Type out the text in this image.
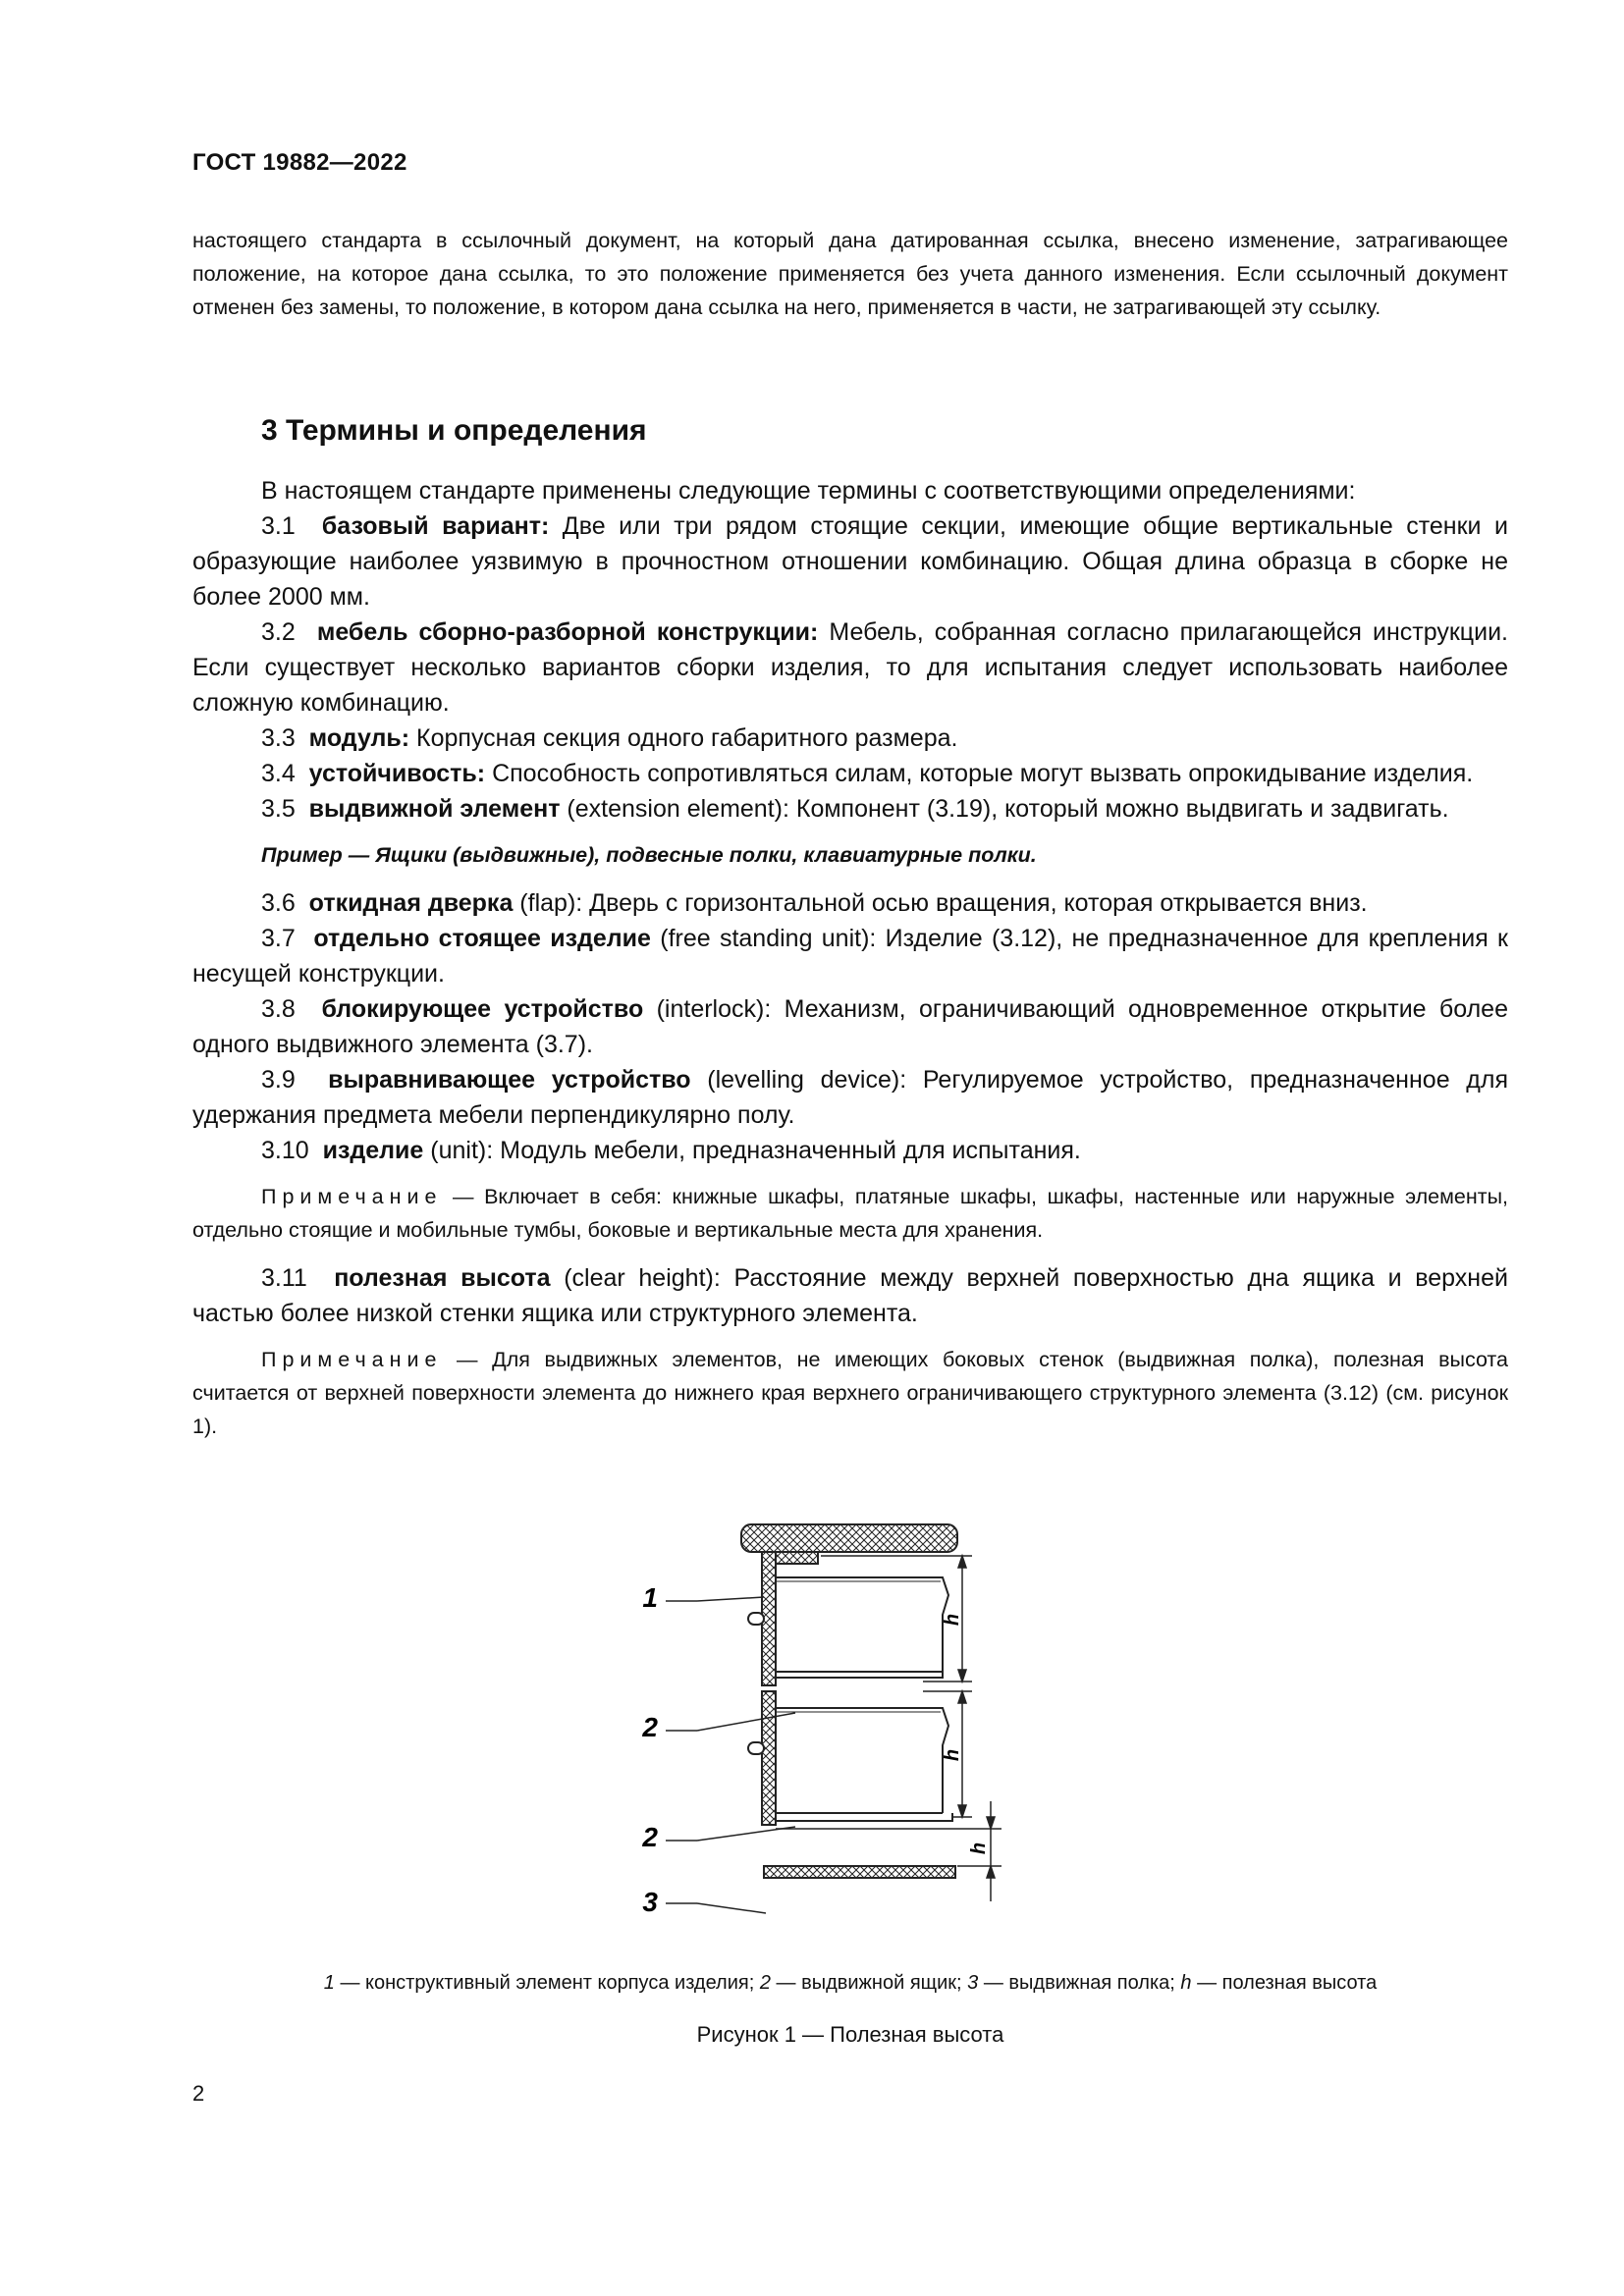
ГОСТ 19882—2022

настоящего стандарта в ссылочный документ, на который дана датированная ссылка, внесено изменение, затрагивающее положение, на которое дана ссылка, то это положение применяется без учета данного изменения. Если ссылочный документ отменен без замены, то положение, в котором дана ссылка на него, применяется в части, не затрагивающей эту ссылку.

3 Термины и определения

В настоящем стандарте применены следующие термины с соответствующими определениями:

3.1 базовый вариант: Две или три рядом стоящие секции, имеющие общие вертикальные стенки и образующие наиболее уязвимую в прочностном отношении комбинацию. Общая длина образца в сборке не более 2000 мм.

3.2 мебель сборно-разборной конструкции: Мебель, собранная согласно прилагающейся инструкции. Если существует несколько вариантов сборки изделия, то для испытания следует использовать наиболее сложную комбинацию.

3.3 модуль: Корпусная секция одного габаритного размера.

3.4 устойчивость: Способность сопротивляться силам, которые могут вызвать опрокидывание изделия.

3.5 выдвижной элемент (extension element): Компонент (3.19), который можно выдвигать и задвигать.

Пример — Ящики (выдвижные), подвесные полки, клавиатурные полки.

3.6 откидная дверка (flap): Дверь с горизонтальной осью вращения, которая открывается вниз.

3.7 отдельно стоящее изделие (free standing unit): Изделие (3.12), не предназначенное для крепления к несущей конструкции.

3.8 блокирующее устройство (interlock): Механизм, ограничивающий одновременное открытие более одного выдвижного элемента (3.7).

3.9 выравнивающее устройство (levelling device): Регулируемое устройство, предназначенное для удержания предмета мебели перпендикулярно полу.

3.10 изделие (unit): Модуль мебели, предназначенный для испытания.

Примечание — Включает в себя: книжные шкафы, платяные шкафы, шкафы, настенные или наружные элементы, отдельно стоящие и мобильные тумбы, боковые и вертикальные места для хранения.

3.11 полезная высота (clear height): Расстояние между верхней поверхностью дна ящика и верхней частью более низкой стенки ящика или структурного элемента.

Примечание — Для выдвижных элементов, не имеющих боковых стенок (выдвижная полка), полезная высота считается от верхней поверхности элемента до нижнего края верхнего ограничивающего структурного элемента (3.12) (см. рисунок 1).

h
h
h
1
2
2
3
1 — конструктивный элемент корпуса изделия; 2 — выдвижной ящик; 3 — выдвижная полка; h — полезная высота
Рисунок 1 — Полезная высота
2
